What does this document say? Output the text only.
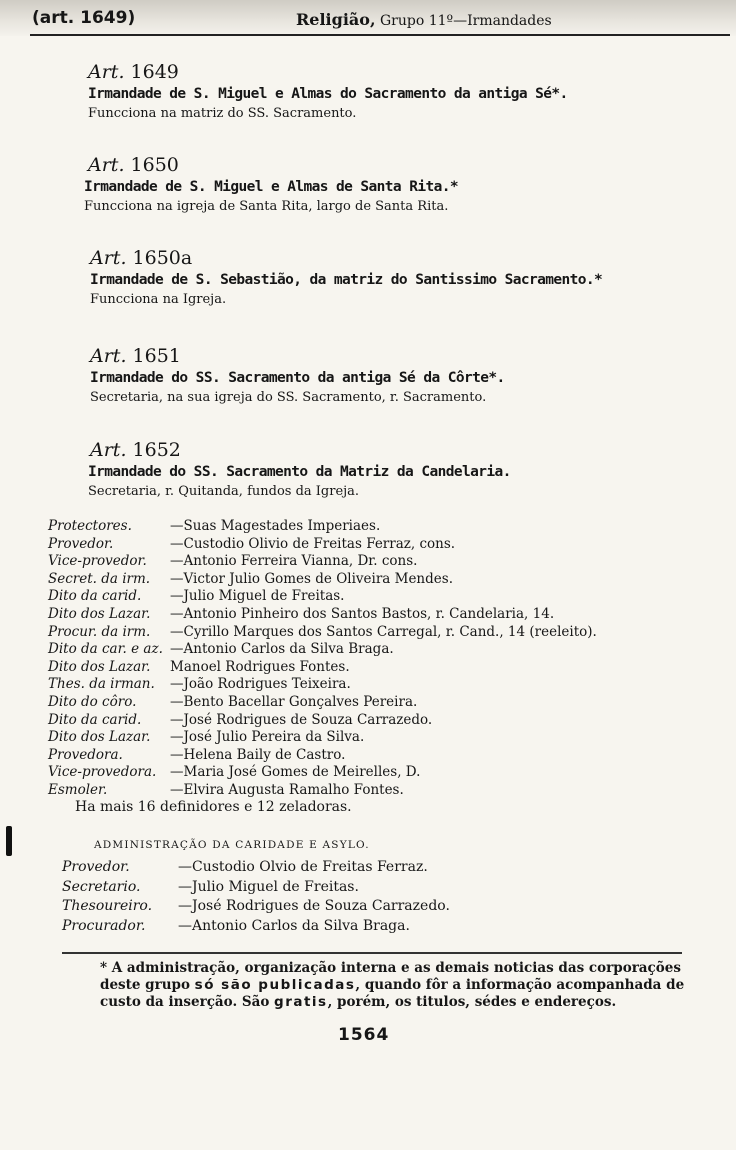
(art. 1649)	Religião, Grupo 11º—Irmandades
Art. 1649
Irmandade de S. Miguel e Almas do Sacramento da antiga Sé*.
Funcciona na matriz do SS. Sacramento.
Art. 1650
Irmandade de S. Miguel e Almas de Santa Rita.*
Funcciona na igreja de Santa Rita, largo de Santa Rita.
Art. 1650a
Irmandade de S. Sebastião, da matriz do Santissimo Sacramento.*
Funcciona na Igreja.
Art. 1651
Irmandade do SS. Sacramento da antiga Sé da Côrte*.
Secretaria, na sua igreja do SS. Sacramento, r. Sacramento.
Art. 1652
Irmandade do SS. Sacramento da Matriz da Candelaria.
Secretaria, r. Quitanda, fundos da Igreja.
Protectores.	—Suas Magestades Imperiaes.
Provedor.	—Custodio Olivio de Freitas Ferraz, cons.
Vice-provedor. —Antonio Ferreira Vianna, Dr. cons.
Secret. da irm. —Victor Julio Gomes de Oliveira Mendes.
Dito da carid. —Julio Miguel de Freitas.
Dito dos Lazar. —Antonio Pinheiro dos Santos Bastos, r. Candelaria, 14.
Procur. da irm. —Cyrillo Marques dos Santos Carregal, r. Cand., 14 (reeleito).
Dito da car. e az. —Antonio Carlos da Silva Braga.
Dito dos Lazar. Manoel Rodrigues Fontes.
Thes. da irman. —João Rodrigues Teixeira.
Dito do côro. —Bento Bacellar Gonçalves Pereira.
Dito da carid. —José Rodrigues de Souza Carrazedo.
Dito dos Lazar. —José Julio Pereira da Silva.
Provedora.	—Helena Baily de Castro.
Vice-provedora. —Maria José Gomes de Meirelles, D.
Esmoler.	—Elvira Augusta Ramalho Fontes.
Ha mais 16 definidores e 12 zeladoras.
ADMINISTRAÇÃO DA CARIDADE E ASYLO.
Provedor.	—Custodio Olvio de Freitas Ferraz.
Secretario.	—Julio Miguel de Freitas.
Thesoureiro. —José Rodrigues de Souza Carrazedo.
Procurador. —Antonio Carlos da Silva Braga.
* A administração, organização interna e as demais noticias das corporações deste grupo só são publicadas, quando fôr a informação acompanhada de custo da inserção. São gratis, porém, os titulos, sédes e endereços.
1564
